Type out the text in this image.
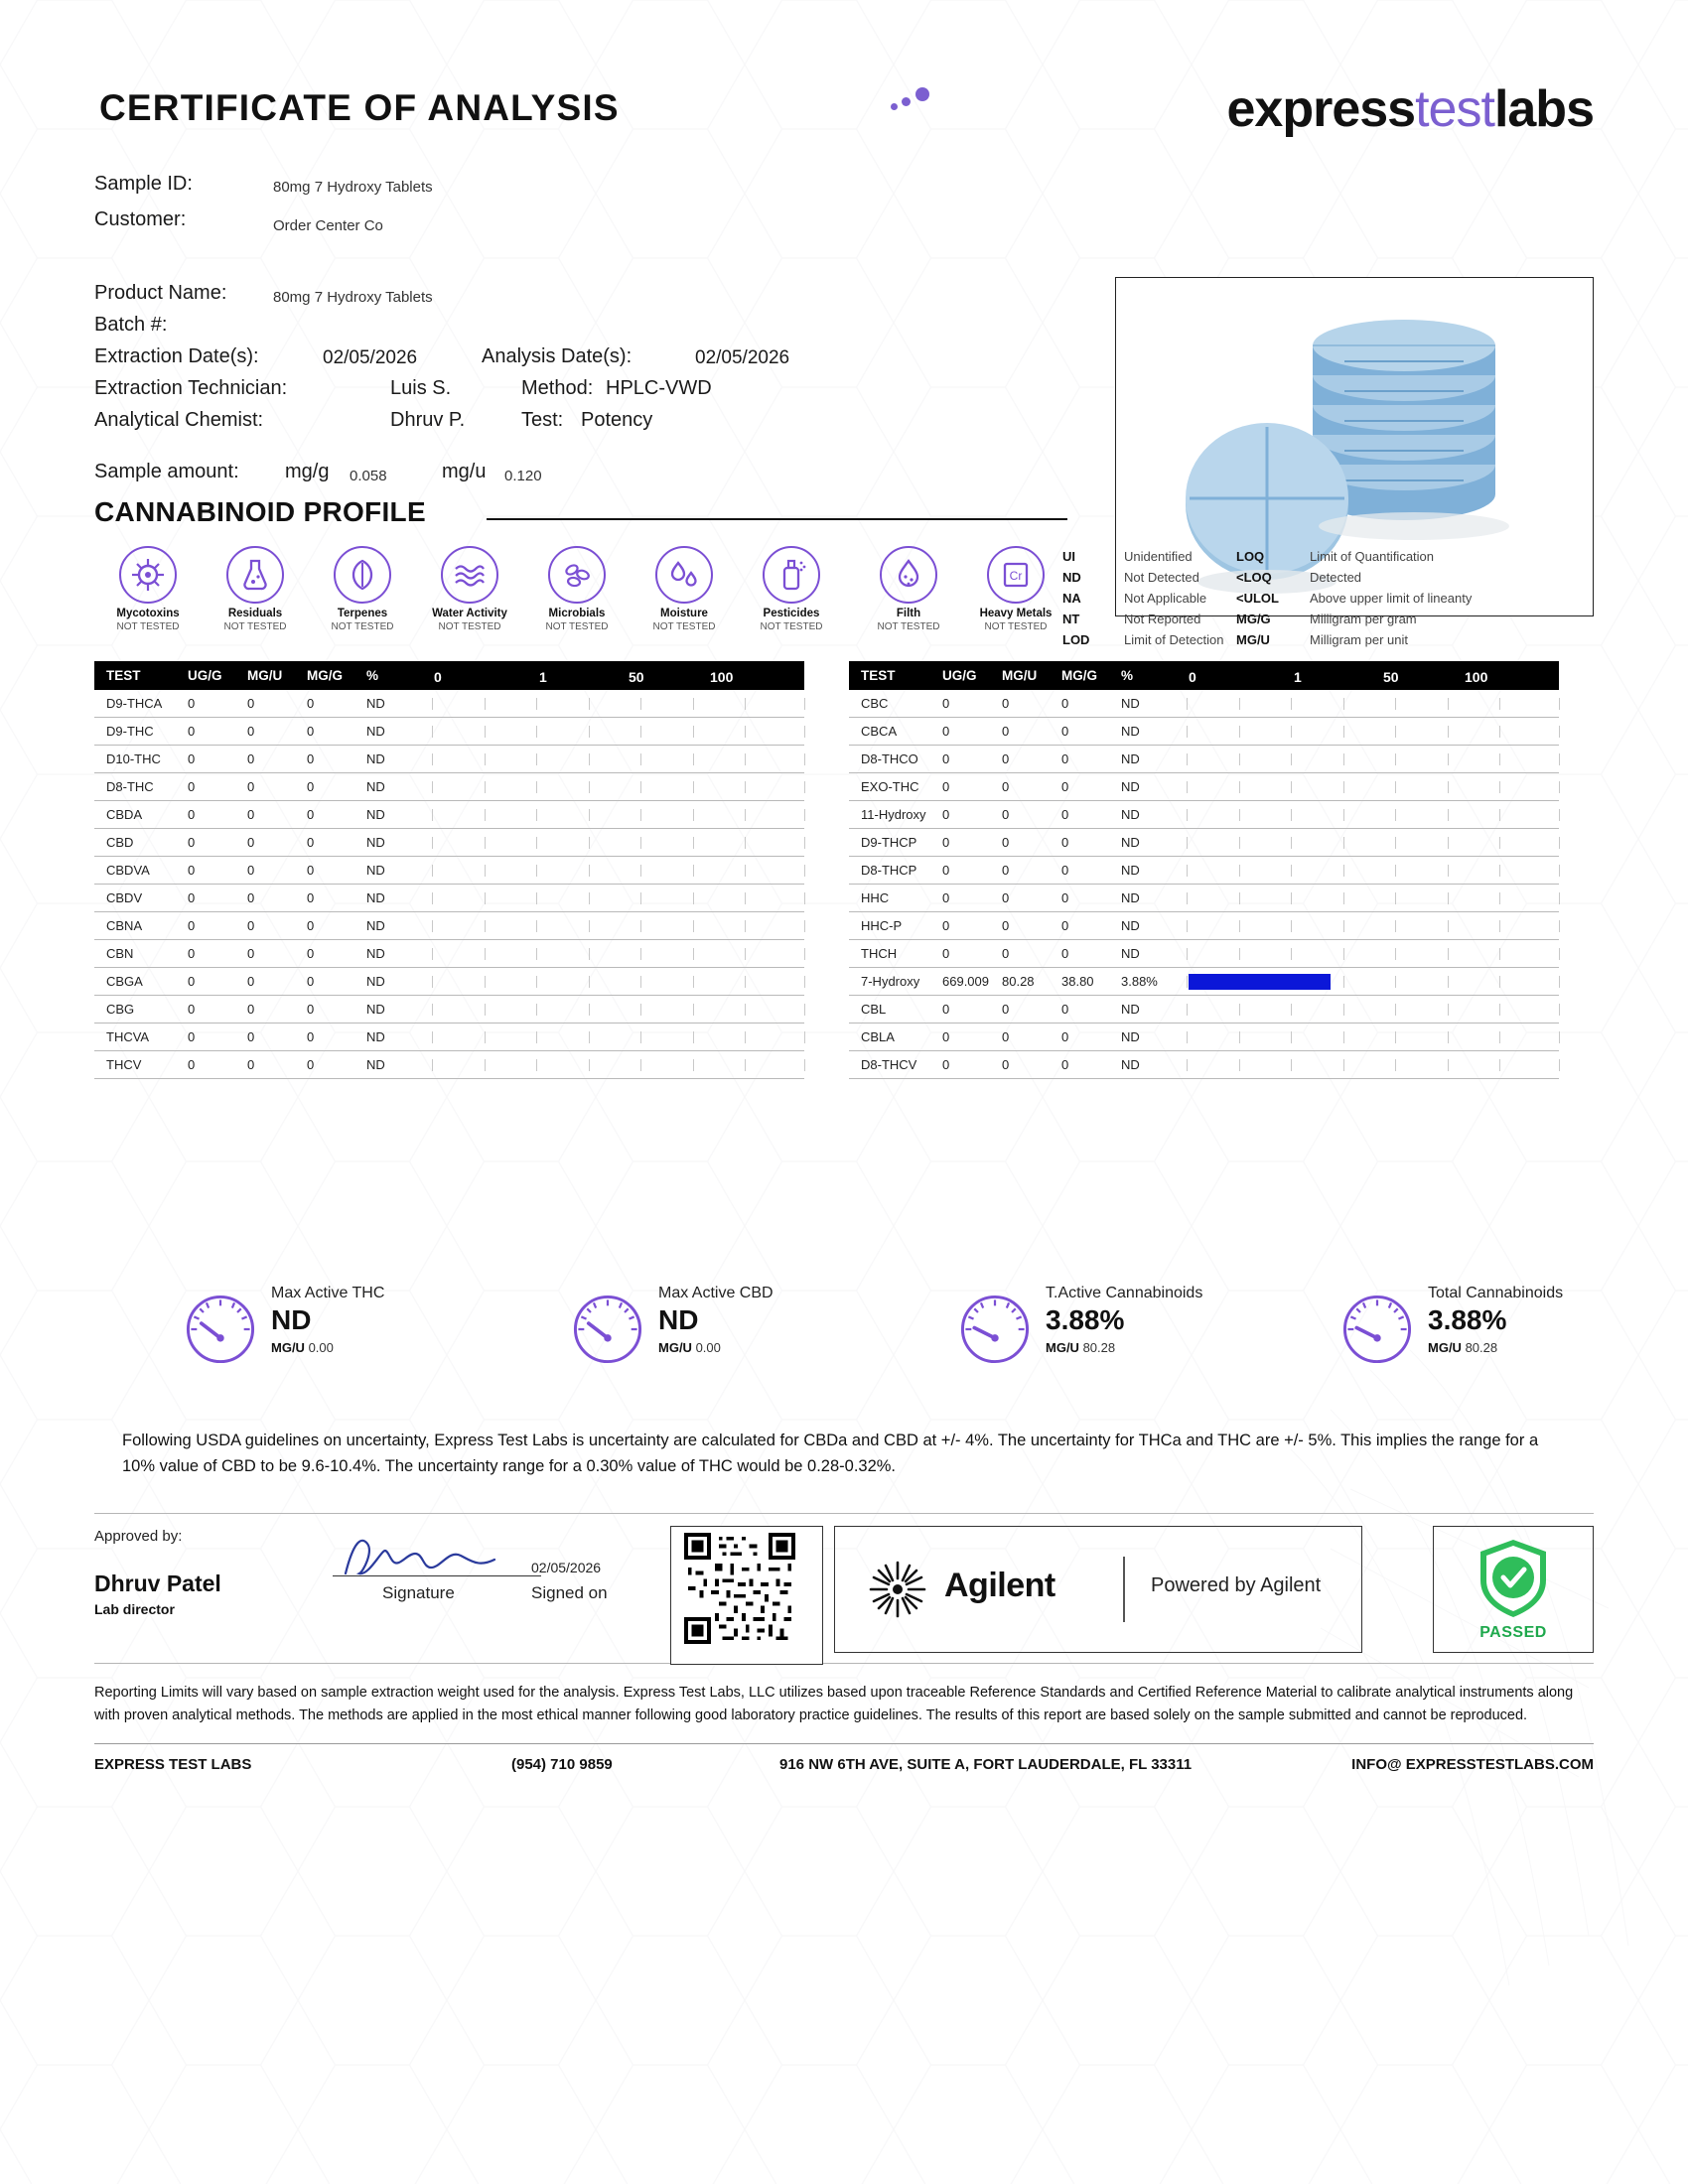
CERTIFICATE OF ANALYSIS	expresstestlabs
Sample ID:	80mg 7 Hydroxy Tablets
Customer:	Order Center Co
Product Name:	80mg 7 Hydroxy Tablets
Batch #:
Extraction Date(s):	02/05/2026	Analysis Date(s):	02/05/2026
Extraction Technician:	Luis S.	Method: HPLC-VWD
Analytical Chemist:	Dhruv P.	Test: Potency
Sample amount: mg/g 0.058	mg/u 0.120
CANNABINOID PROFILE
Mycotoxins
NOT TESTED
Residuals
NOT TESTED
Terpenes
NOT TESTED
Water Activity
NOT TESTED
Microbials
NOT TESTED
Moisture
NOT TESTED
Pesticides
NOT TESTED
Filth
NOT TESTED
Cr
Heavy Metals
NOT TESTED
UI	Unidentified
ND	Not Detected
NA	Not Applicable
NT	Not Reported
LOD	Limit of Detection
LOQ	Limit of Quantification
<LOQ	Detected
<ULOL Above upper limit of lineanty
MG/G	Milligram per gram
MG/U	Milligram per unit
TEST	UG/G	MG/U	MG/G	%	0 1 50 100

D9-THCA	0	0	0	ND	

D9-THC	0	0	0	ND	

D10-THC	0	0	0	ND	

D8-THC	0	0	0	ND	

CBDA	0	0	0	ND	

CBD	0	0	0	ND	

CBDVA	0	0	0	ND	

CBDV	0	0	0	ND	

CBNA	0	0	0	ND	

CBN	0	0	0	ND	

CBGA	0	0	0	ND	

CBG	0	0	0	ND	

THCVA	0	0	0	ND	

THCV	0	0	0	ND	
TEST	UG/G	MG/U	MG/G	%	0 1 50 100

CBC	0	0	0	ND	

CBCA	0	0	0	ND	

D8-THCO	0	0	0	ND	

EXO-THC	0	0	0	ND	

11-Hydroxy	0	0	0	ND	

D9-THCP	0	0	0	ND	

D8-THCP	0	0	0	ND	

HHC	0	0	0	ND	

HHC-P	0	0	0	ND	

THCH	0	0	0	ND	

7-Hydroxy	669.009	80.28	38.80	3.88%	

CBL	0	0	0	ND	

CBLA	0	0	0	ND	

D8-THCV	0	0	0	ND	
Max Active THC
ND
MG/U 0.00
Max Active CBD
ND
MG/U 0.00
T.Active Cannabinoids
3.88%
MG/U 80.28
Total Cannabinoids
3.88%
MG/U 80.28
Following USDA guidelines on uncertainty, Express Test Labs is uncertainty are calculated for CBDa and CBD at +/- 4%. The uncertainty for THCa and THC are +/- 5%. This implies the range for a 10% value of CBD to be 9.6-10.4%. The uncertainty range for a 0.30% value of THC would be 0.28-0.32%.
Approved by:
Dhruv Patel
Lab director
Signature
02/05/2026
Signed on	Agilent	Powered by Agilent
PASSED
Reporting Limits will vary based on sample extraction weight used for the analysis. Express Test Labs, LLC utilizes based upon traceable Reference Standards and Certified Reference Material to calibrate analytical instruments along with proven analytical methods. The methods are applied in the most ethical manner following good laboratory practice guidelines. The results of this report are based solely on the sample submitted and cannot be reproduced.
EXPRESS TEST LABS	(954) 710 9859	916 NW 6TH AVE, SUITE A, FORT LAUDERDALE, FL 33311	INFO@ EXPRESSTESTLABS.COM
